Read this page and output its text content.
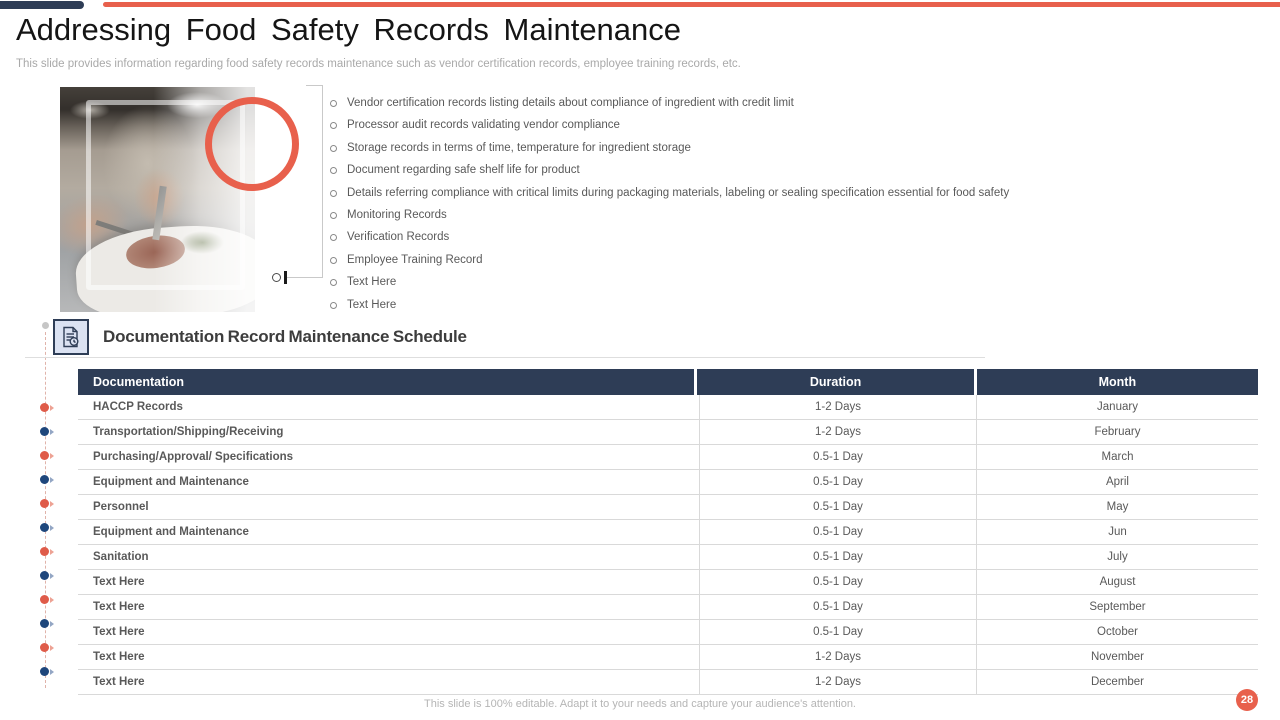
Addressing Food Safety Records Maintenance
This slide provides information regarding food safety records maintenance such as vendor certification records, employee training records, etc.
Vendor certification records listing details about compliance of ingredient with credit limit
Processor audit records validating vendor compliance
Storage records in terms of time, temperature for ingredient storage
Document regarding safe shelf life for product
Details referring compliance with critical limits during packaging materials, labeling or sealing specification essential for food safety
Monitoring Records
Verification Records
Employee Training Record
Text Here
Text Here
Documentation Record Maintenance Schedule
Documentation	Duration	Month
HACCP Records	1-2 Days	January
Transportation/Shipping/Receiving	1-2 Days	February
Purchasing/Approval/ Specifications	0.5-1 Day	March
Equipment and Maintenance	0.5-1 Day	April
Personnel	0.5-1 Day	May
Equipment and Maintenance	0.5-1 Day	Jun
Sanitation	0.5-1 Day	July
Text Here	0.5-1 Day	August
Text Here	0.5-1 Day	September
Text Here	0.5-1 Day	October
Text Here	1-2 Days	November
Text Here	1-2 Days	December
This slide is 100% editable. Adapt it to your needs and capture your audience's attention.	28
